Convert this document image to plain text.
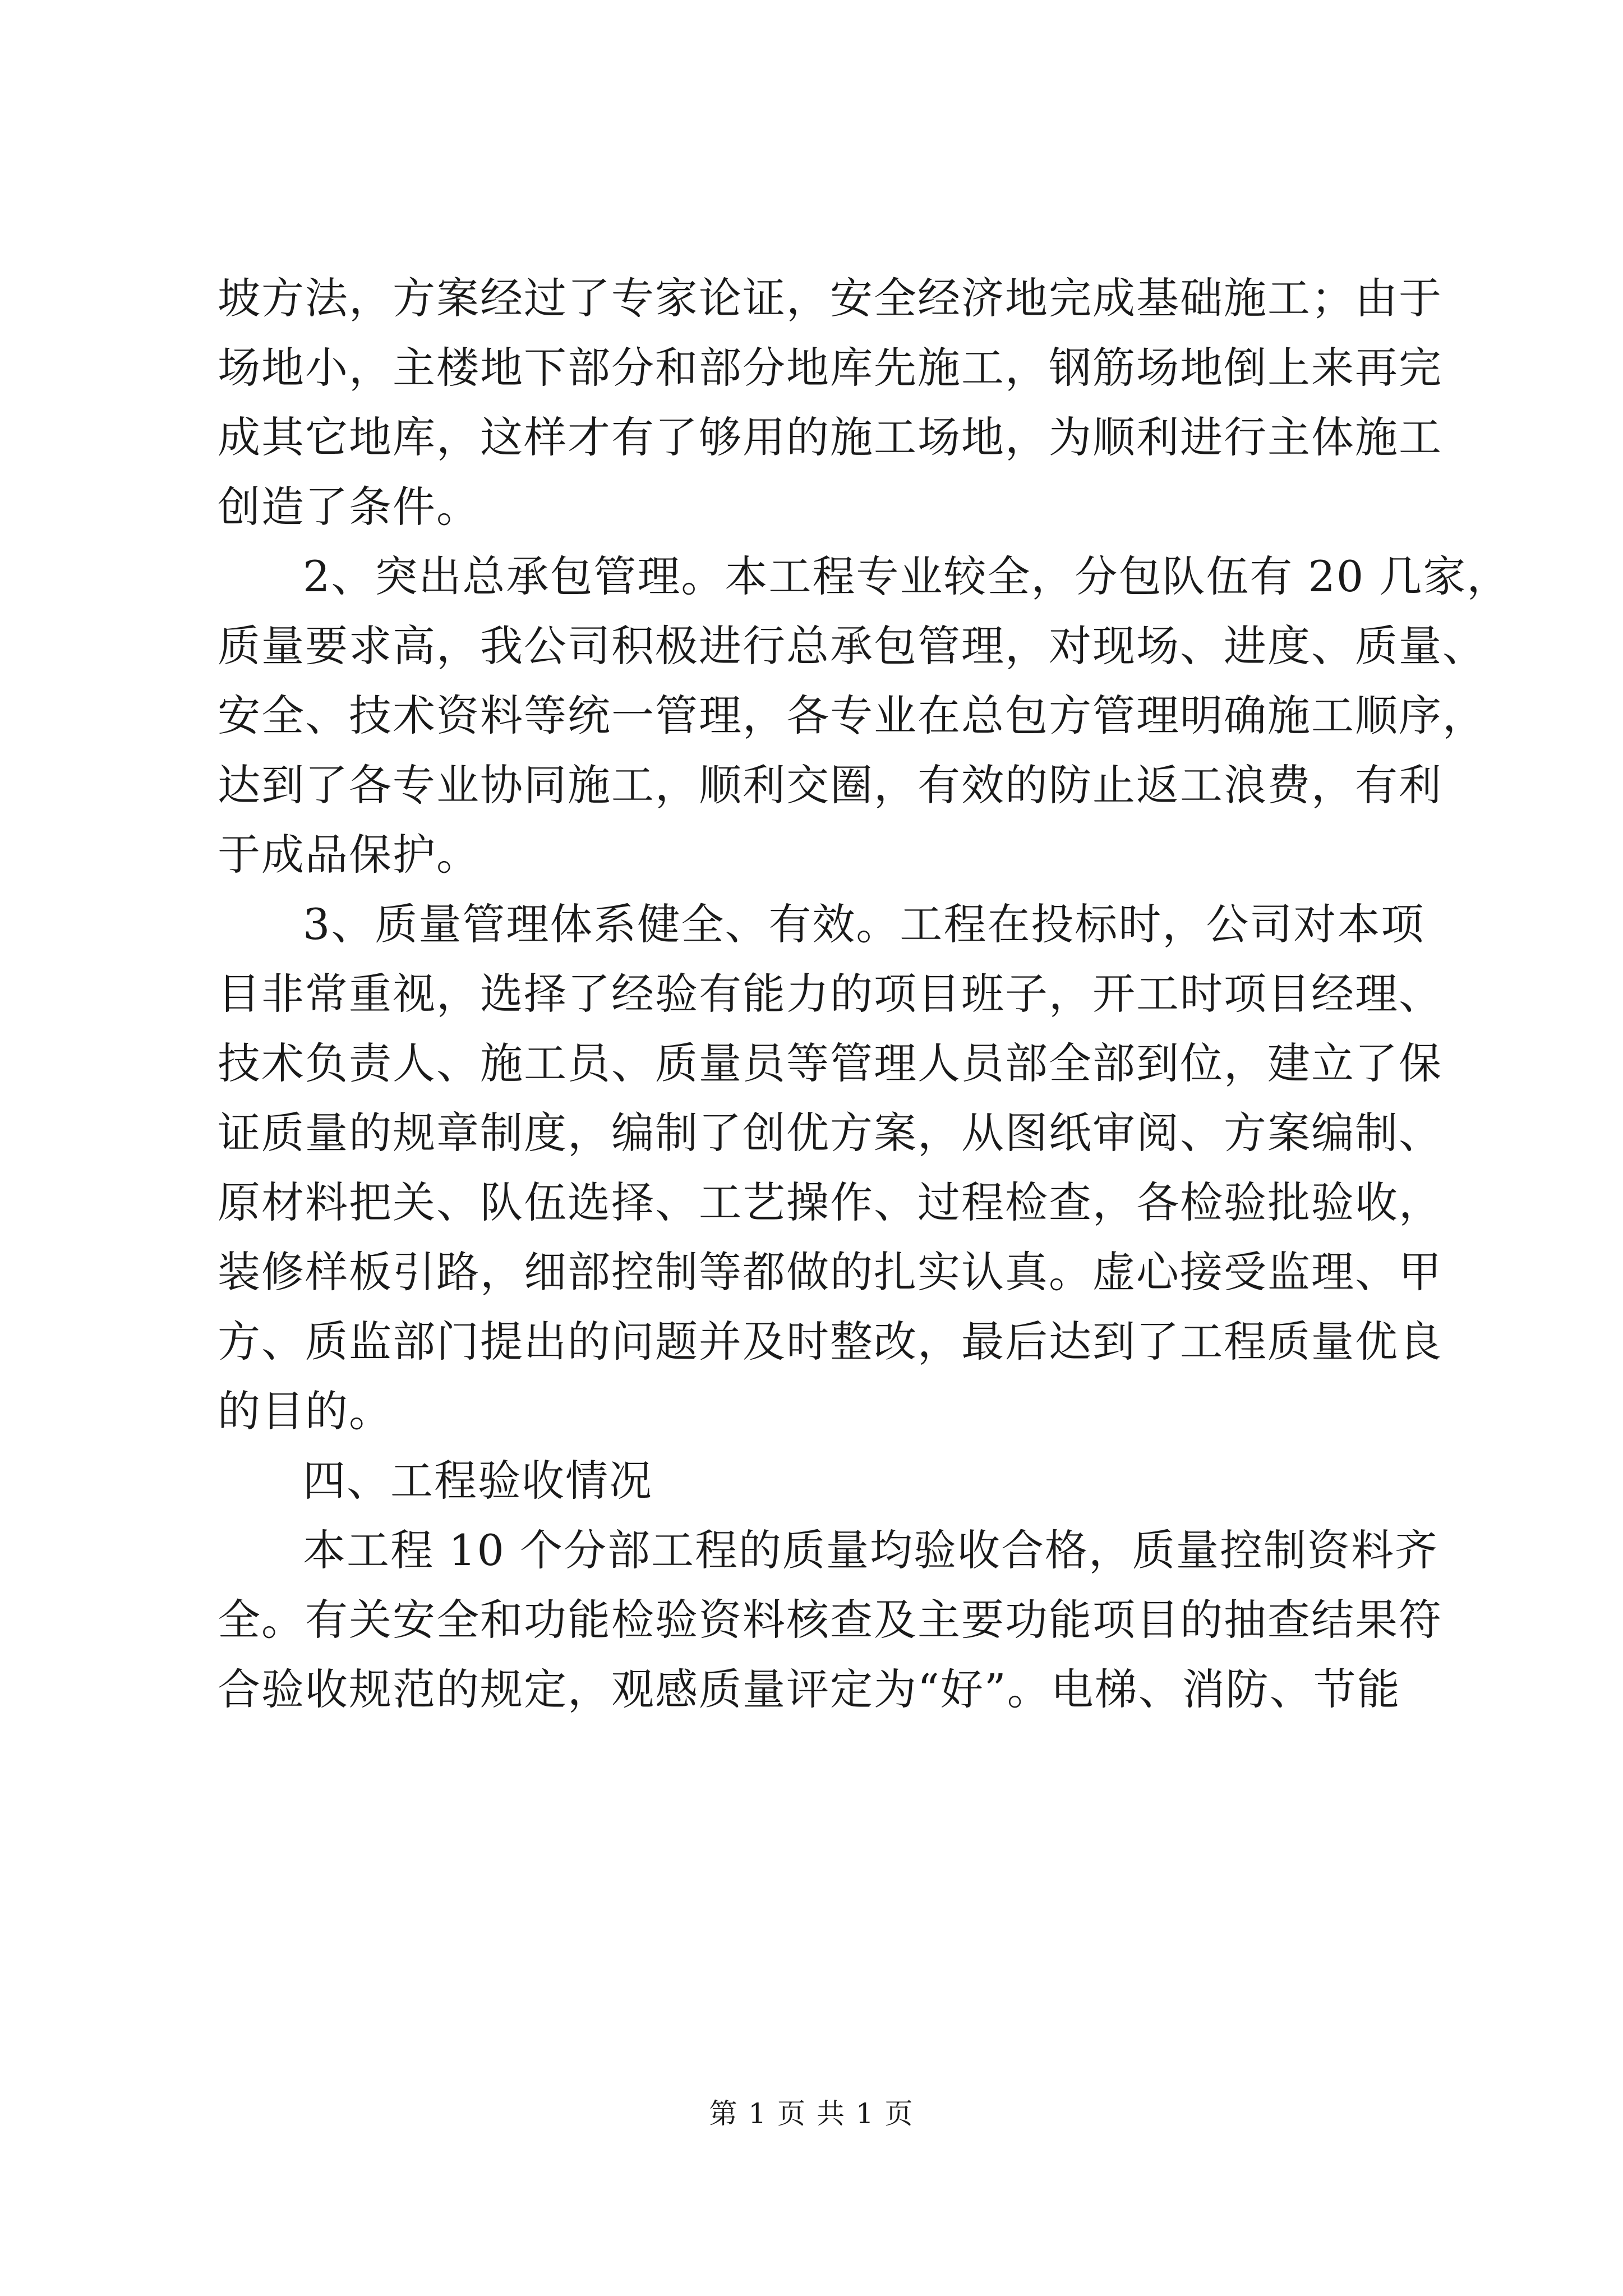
坡方法，方案经过了专家论证，安全经济地完成基础施工；由于
场地小，主楼地下部分和部分地库先施工，钢筋场地倒上来再完
成其它地库，这样才有了够用的施工场地，为顺利进行主体施工
创造了条件。
2、突出总承包管理。本工程专业较全，分包队伍有 20 几家，
质量要求高，我公司积极进行总承包管理，对现场、进度、质量、
安全、技术资料等统一管理，各专业在总包方管理明确施工顺序，
达到了各专业协同施工，顺利交圈，有效的防止返工浪费，有利
于成品保护。
3、质量管理体系健全、有效。工程在投标时，公司对本项
目非常重视，选择了经验有能力的项目班子，开工时项目经理、
技术负责人、施工员、质量员等管理人员部全部到位，建立了保
证质量的规章制度，编制了创优方案，从图纸审阅、方案编制、
原材料把关、队伍选择、工艺操作、过程检查，各检验批验收，
装修样板引路，细部控制等都做的扎实认真。虚心接受监理、甲
方、质监部门提出的问题并及时整改，最后达到了工程质量优良
的目的。
四、工程验收情况
本工程 10 个分部工程的质量均验收合格，质量控制资料齐
全。有关安全和功能检验资料核查及主要功能项目的抽查结果符
合验收规范的规定，观感质量评定为“好”。电梯、消防、节能
第 1 页 共 1 页
